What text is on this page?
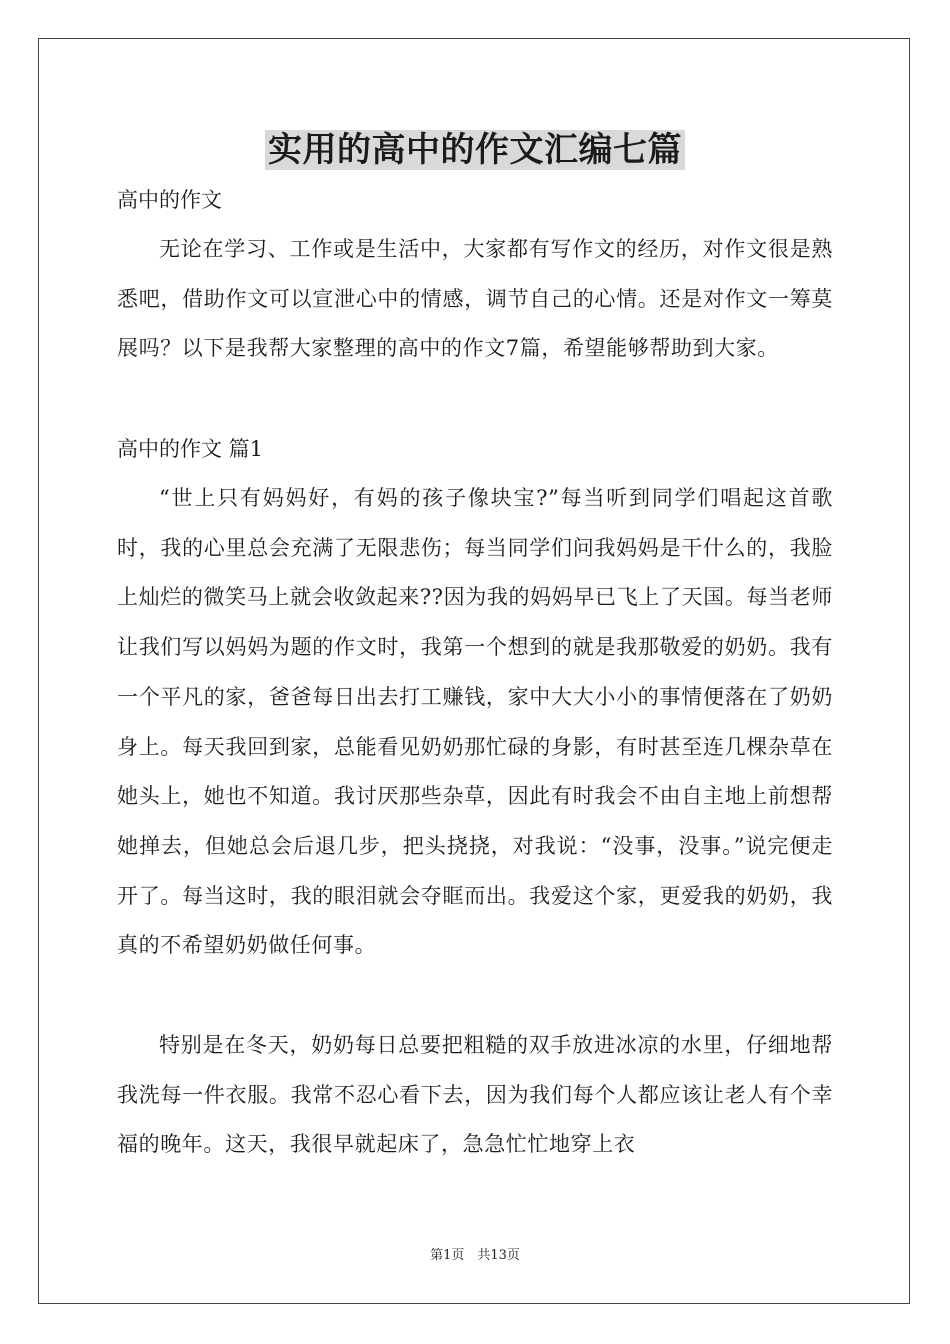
实用的高中的作文汇编七篇
高中的作文

无论在学习、工作或是生活中，大家都有写作文的经历，对作文很是熟悉吧，借助作文可以宣泄心中的情感，调节自己的心情。还是对作文一筹莫展吗？以下是我帮大家整理的高中的作文7篇，希望能够帮助到大家。

高中的作文 篇1

“世上只有妈妈好，有妈的孩子像块宝?”每当听到同学们唱起这首歌时，我的心里总会充满了无限悲伤；每当同学们问我妈妈是干什么的，我脸上灿烂的微笑马上就会收敛起来??因为我的妈妈早已飞上了天国。每当老师让我们写以妈妈为题的作文时，我第一个想到的就是我那敬爱的奶奶。我有一个平凡的家，爸爸每日出去打工赚钱，家中大大小小的事情便落在了奶奶身上。每天我回到家，总能看见奶奶那忙碌的身影，有时甚至连几棵杂草在她头上，她也不知道。我讨厌那些杂草，因此有时我会不由自主地上前想帮她掸去，但她总会后退几步，把头挠挠，对我说：“没事，没事。”说完便走开了。每当这时，我的眼泪就会夺眶而出。我爱这个家，更爱我的奶奶，我真的不希望奶奶做任何事。

特别是在冬天，奶奶每日总要把粗糙的双手放进冰凉的水里，仔细地帮我洗每一件衣服。我常不忍心看下去，因为我们每个人都应该让老人有个幸福的晚年。这天，我很早就起床了，急急忙忙地穿上衣

第1页　共13页
